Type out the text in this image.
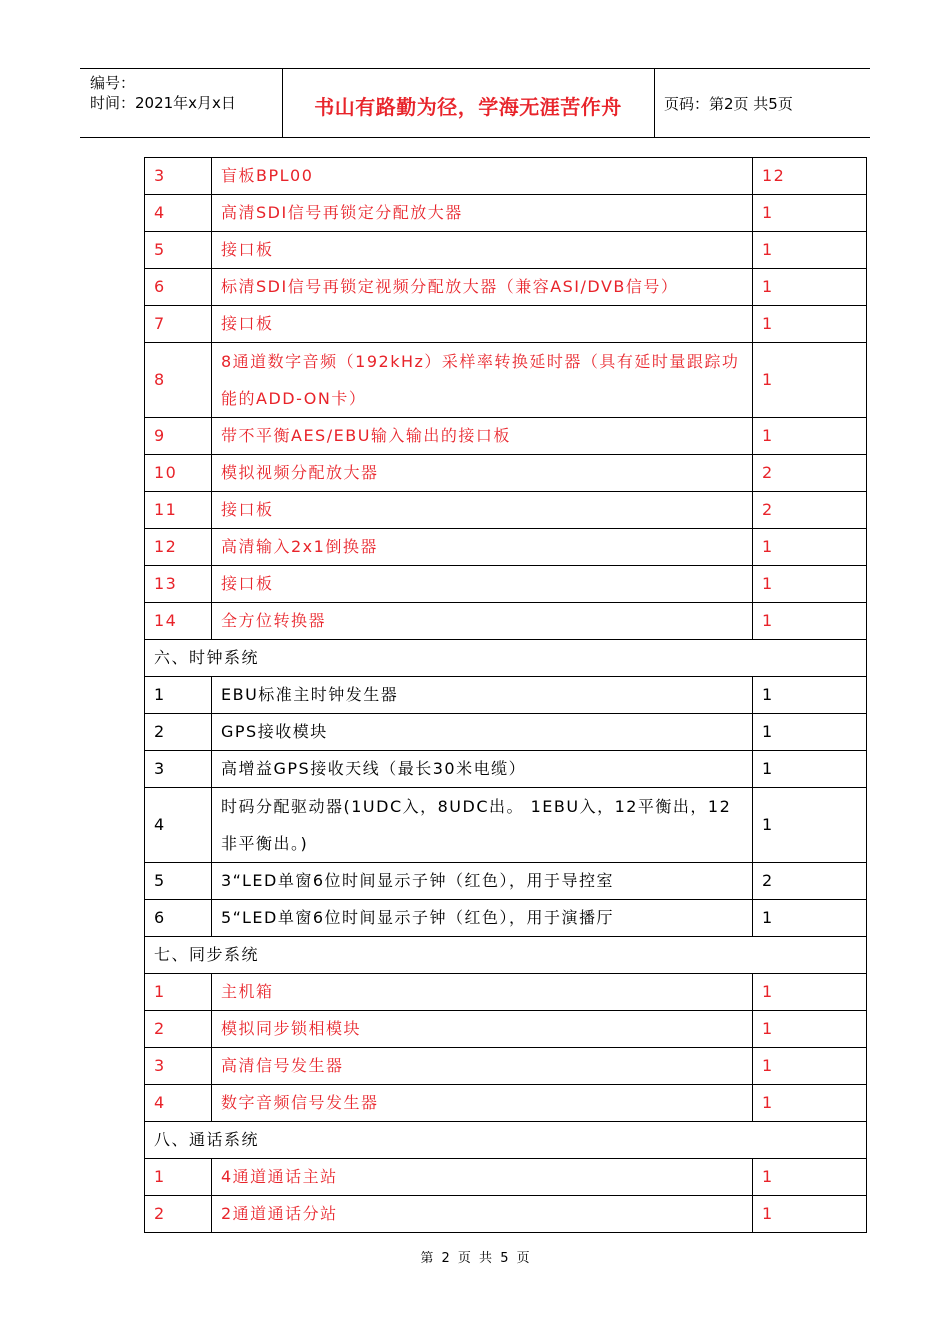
编号：
时间：2021年x月x日	书山有路勤为径，学海无涯苦作舟	页码：第2页 共5页
3	盲板BPL00	12
4	高清SDI信号再锁定分配放大器	1
5	接口板	1
6	标清SDI信号再锁定视频分配放大器（兼容ASI/DVB信号）	1
7	接口板	1
8	8通道数字音频（192kHz）采样率转换延时器（具有延时量跟踪功能的ADD-ON卡）	1
9	带不平衡AES/EBU输入输出的接口板	1
10	模拟视频分配放大器	2
11	接口板	2
12	高清输入2x1倒换器	1
13	接口板	1
14	全方位转换器	1
六、时钟系统		
1	EBU标准主时钟发生器	1
2	GPS接收模块	1
3	高增益GPS接收天线（最长30米电缆）	1
4	时码分配驱动器(1UDC入，8UDC出。 1EBU入，12平衡出，12非平衡出。)	1
5	3“LED单窗6位时间显示子钟（红色），用于导控室	2
6	5“LED单窗6位时间显示子钟（红色），用于演播厅	1
七、同步系统		
1	主机箱	1
2	模拟同步锁相模块	1
3	高清信号发生器	1
4	数字音频信号发生器	1
八、通话系统		
1	4通道通话主站	1
2	2通道通话分站	1
第 2 页 共 5 页
